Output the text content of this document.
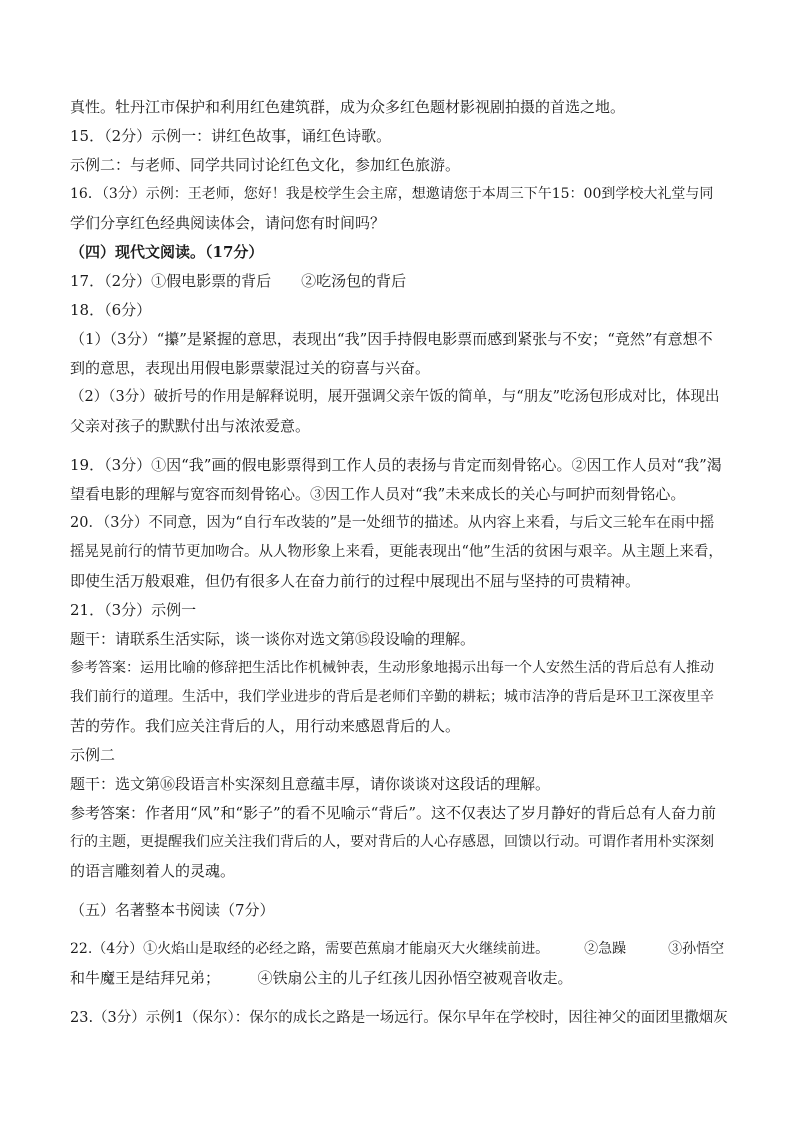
真性。牡丹江市保护和利用红色建筑群，成为众多红色题材影视剧拍摄的首选之地。
15．（2分）示例一：讲红色故事，诵红色诗歌。
示例二：与老师、同学共同讨论红色文化，参加红色旅游。
16．（3分）示例：王老师，您好！我是校学生会主席，想邀请您于本周三下午15：00到学校大礼堂与同
学们分享红色经典阅读体会，请问您有时间吗？
（四）现代文阅读。（17分）
17．（2分）①假电影票的背后　　②吃汤包的背后
18．（6分）
（1）（3分）“攥”是紧握的意思，表现出“我”因手持假电影票而感到紧张与不安；“竟然”有意想不
到的意思，表现出用假电影票蒙混过关的窃喜与兴奋。
（2）（3分）破折号的作用是解释说明，展开强调父亲午饭的简单，与“朋友”吃汤包形成对比，体现出
父亲对孩子的默默付出与浓浓爱意。
19．（3分）①因“我”画的假电影票得到工作人员的表扬与肯定而刻骨铭心。②因工作人员对“我”渴
望看电影的理解与宽容而刻骨铭心。③因工作人员对“我”未来成长的关心与呵护而刻骨铭心。
20．（3分）不同意，因为“自行车改装的”是一处细节的描述。从内容上来看，与后文三轮车在雨中摇
摇晃晃前行的情节更加吻合。从人物形象上来看，更能表现出“他”生活的贫困与艰辛。从主题上来看，
即使生活万般艰难，但仍有很多人在奋力前行的过程中展现出不屈与坚持的可贵精神。
21．（3分）示例一
题干：请联系生活实际，谈一谈你对选文第⑮段设喻的理解。
参考答案：运用比喻的修辞把生活比作机械钟表，生动形象地揭示出每一个人安然生活的背后总有人推动
我们前行的道理。生活中，我们学业进步的背后是老师们辛勤的耕耘；城市洁净的背后是环卫工深夜里辛
苦的劳作。我们应关注背后的人，用行动来感恩背后的人。
示例二
题干：选文第⑯段语言朴实深刻且意蕴丰厚，请你谈谈对这段话的理解。
参考答案：作者用“风”和“影子”的看不见喻示“背后”。这不仅表达了岁月静好的背后总有人奋力前
行的主题，更提醒我们应关注我们背后的人，要对背后的人心存感恩，回馈以行动。可谓作者用朴实深刻
的语言雕刻着人的灵魂。
（五）名著整本书阅读（7分）
22.（4分）①火焰山是取经的必经之路，需要芭蕉扇才能扇灭大火继续前进。　　　②急躁　　　③孙悟空
和牛魔王是结拜兄弟；　　　④铁扇公主的儿子红孩儿因孙悟空被观音收走。
23.（3分）示例1（保尔）：保尔的成长之路是一场远行。保尔早年在学校时，因往神父的面团里撒烟灰
